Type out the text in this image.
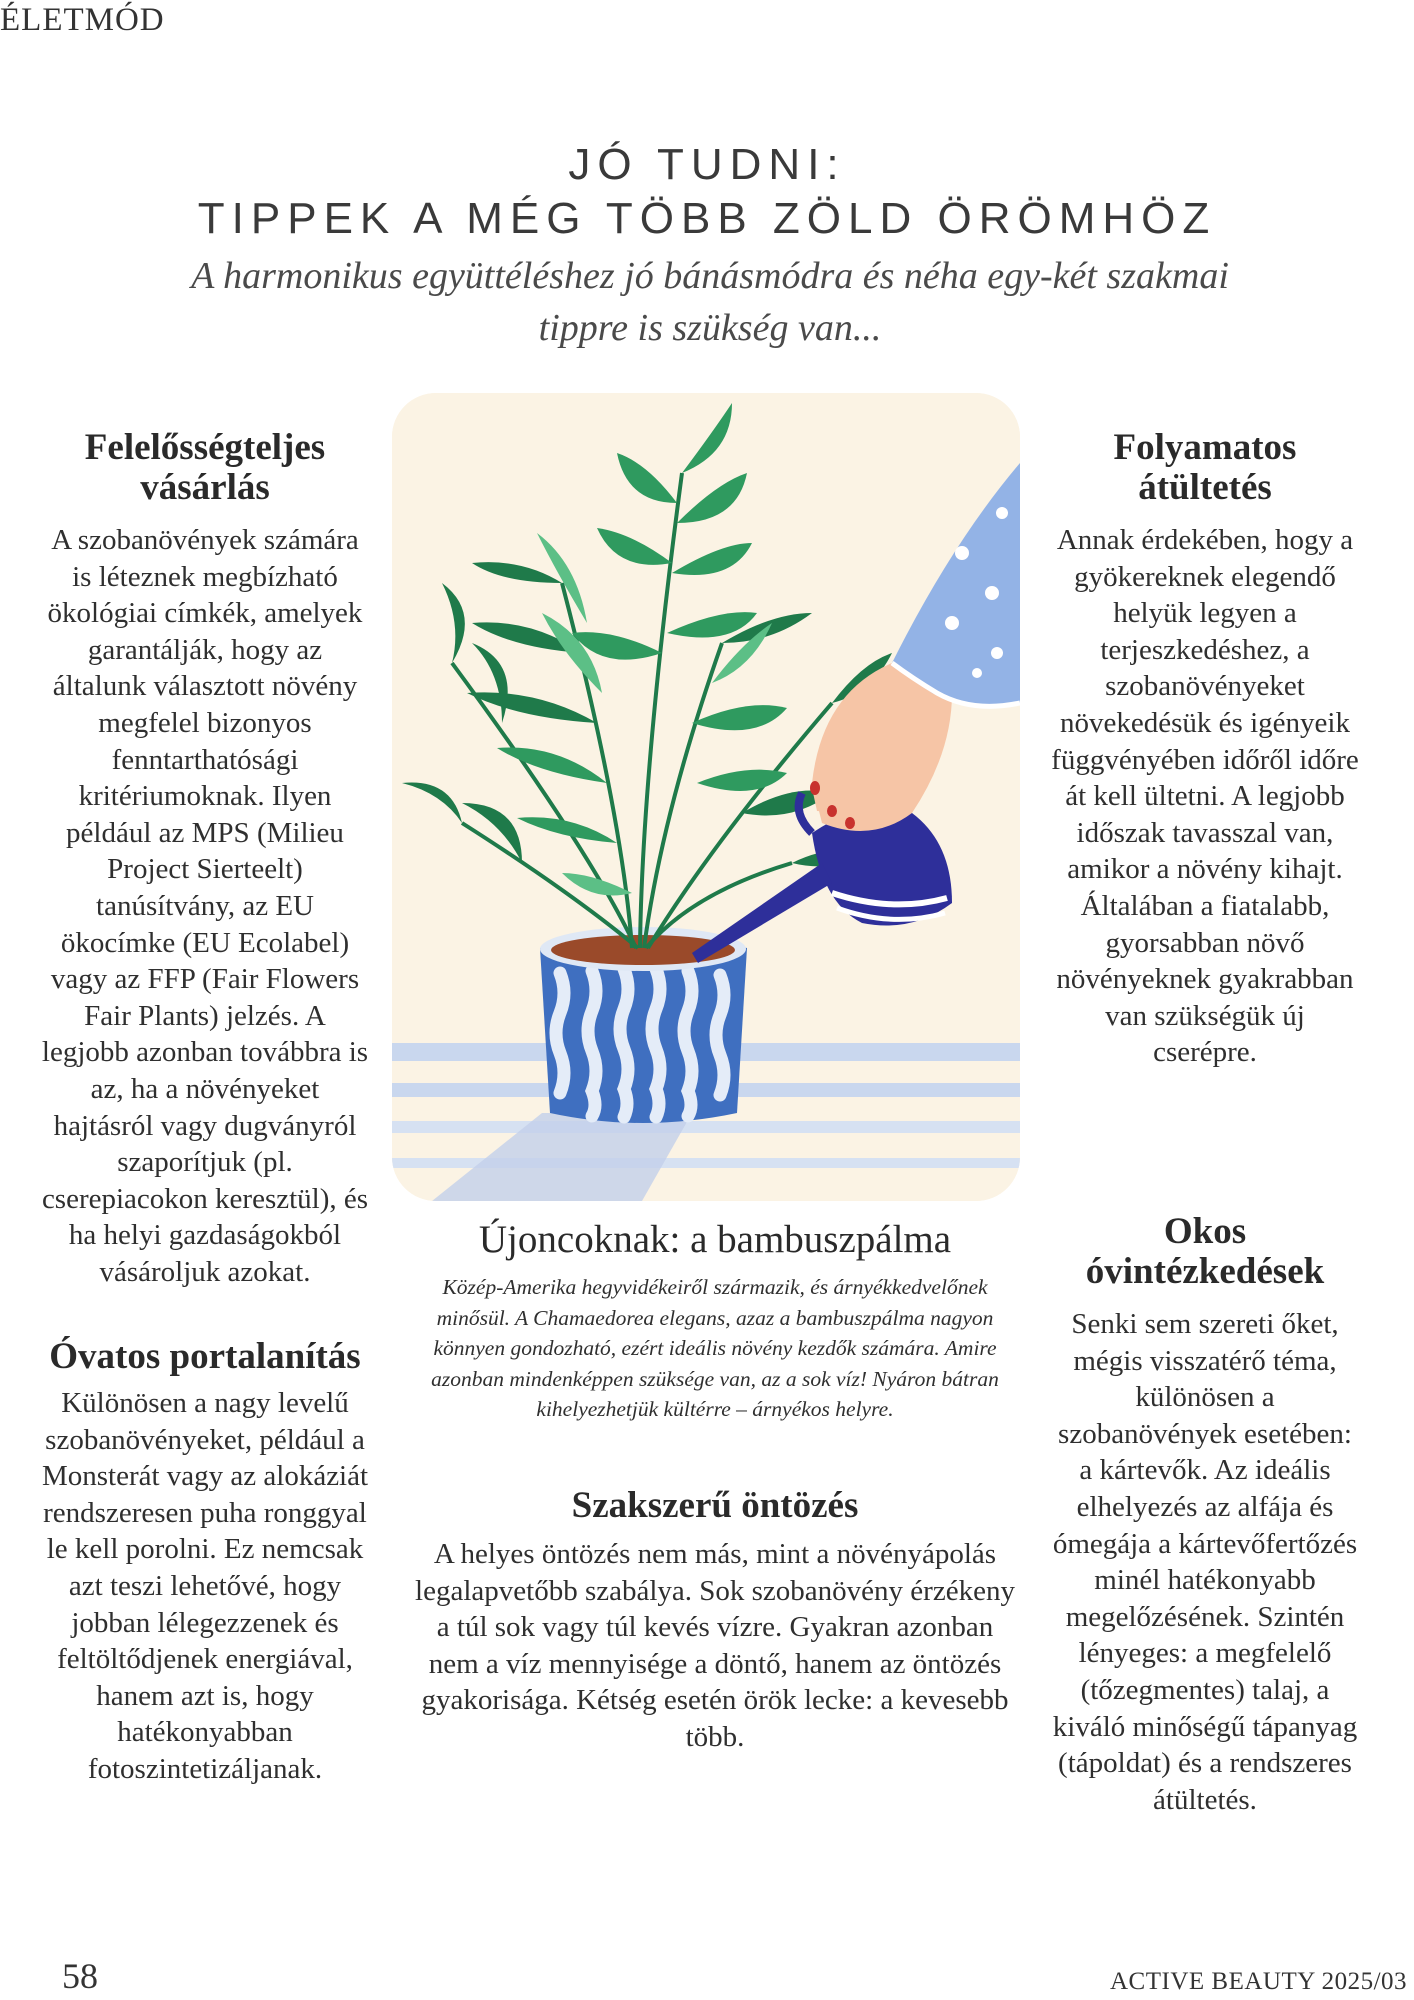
ÉLETMÓD
JÓ TUDNI:
TIPPEK A MÉG TÖBB ZÖLD ÖRÖMHÖZ
A harmonikus együttéléshez jó bánásmódra és néha egy-két szakmai tippre is szükség van...
Felelősségteljes vásárlás

A szobanövények számára is léteznek megbízható ökológiai címkék, amelyek garantálják, hogy az általunk választott növény megfelel bizonyos fenntarthatósági kritériumoknak. Ilyen például az MPS (Milieu Project Sierteelt) tanúsítvány, az EU ökocímke (EU Ecolabel) vagy az FFP (Fair Flowers Fair Plants) jelzés. A legjobb azonban továbbra is az, ha a növényeket hajtásról vagy dugványról szaporítjuk (pl. cserepiacokon keresztül), és ha helyi gazdaságokból vásároljuk azokat.

Óvatos portalanítás

Különösen a nagy levelű szobanövényeket, például a Monsterát vagy az alokáziát rendszeresen puha ronggyal le kell porolni. Ez nemcsak azt teszi lehetővé, hogy jobban lélegezzenek és feltöltődjenek energiával, hanem azt is, hogy hatékonyabban fotoszintetizáljanak.

Újoncoknak: a bambuszpálma

Közép-Amerika hegyvidékeiről származik, és árnyékkedvelőnek minősül. A Chamaedorea elegans, azaz a bambuszpálma nagyon könnyen gondozható, ezért ideális növény kezdők számára. Amire azonban mindenképpen szüksége van, az a sok víz! Nyáron bátran kihelyezhetjük kültérre – árnyékos helyre.

Szakszerű öntözés

A helyes öntözés nem más, mint a növényápolás legalapvetőbb szabálya. Sok szobanövény érzékeny a túl sok vagy túl kevés vízre. Gyakran azonban nem a víz mennyisége a döntő, hanem az öntözés gyakorisága. Kétség esetén örök lecke: a kevesebb több.

Folyamatos átültetés

Annak érdekében, hogy a gyökereknek elegendő helyük legyen a terjeszkedéshez, a szobanövényeket növekedésük és igényeik függvényében időről időre át kell ültetni. A legjobb időszak tavasszal van, amikor a növény kihajt. Általában a fiatalabb, gyorsabban növő növényeknek gyakrabban van szükségük új cserépre.

Okos óvintézkedések

Senki sem szereti őket, mégis visszatérő téma, különösen a szobanövények esetében: a kártevők. Az ideális elhelyezés az alfája és ómegája a kártevőfertőzés minél hatékonyabb megelőzésének. Szintén lényeges: a megfelelő (tőzegmentes) talaj, a kiváló minőségű tápanyag (tápoldat) és a rendszeres átültetés.

58	ACTIVE BEAUTY 2025/03
